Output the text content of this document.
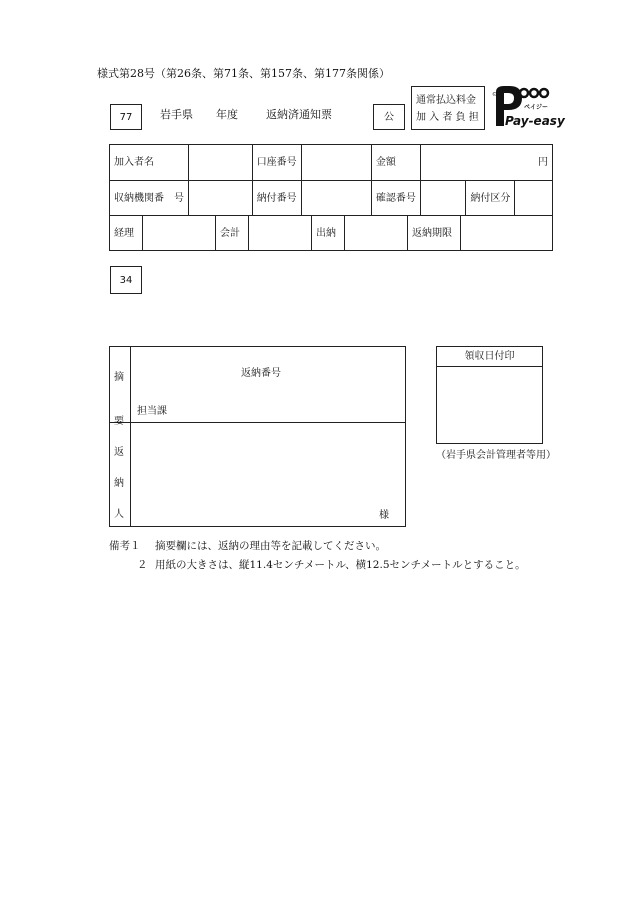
様式第28号（第26条、第71条、第157条、第177条関係）
77	岩手県 年度	返納済通知票	公
通常払込料金
加 入 者 負 担
©
ペイジー
Pay-easy
加入者名		口座番号		金額	円		
収納機関番　号		納付番号		確認番号		納付区分	
経理		会計		出納		返納期限	
34
摘要
返納番号
担当課
返納人	様
領収日付印
（岩手県会計管理者等用）
備考１ 摘要欄には、返納の理由等を記載してください。
２ 用紙の大きさは、縦11.4センチメートル、横12.5センチメートルとすること。
